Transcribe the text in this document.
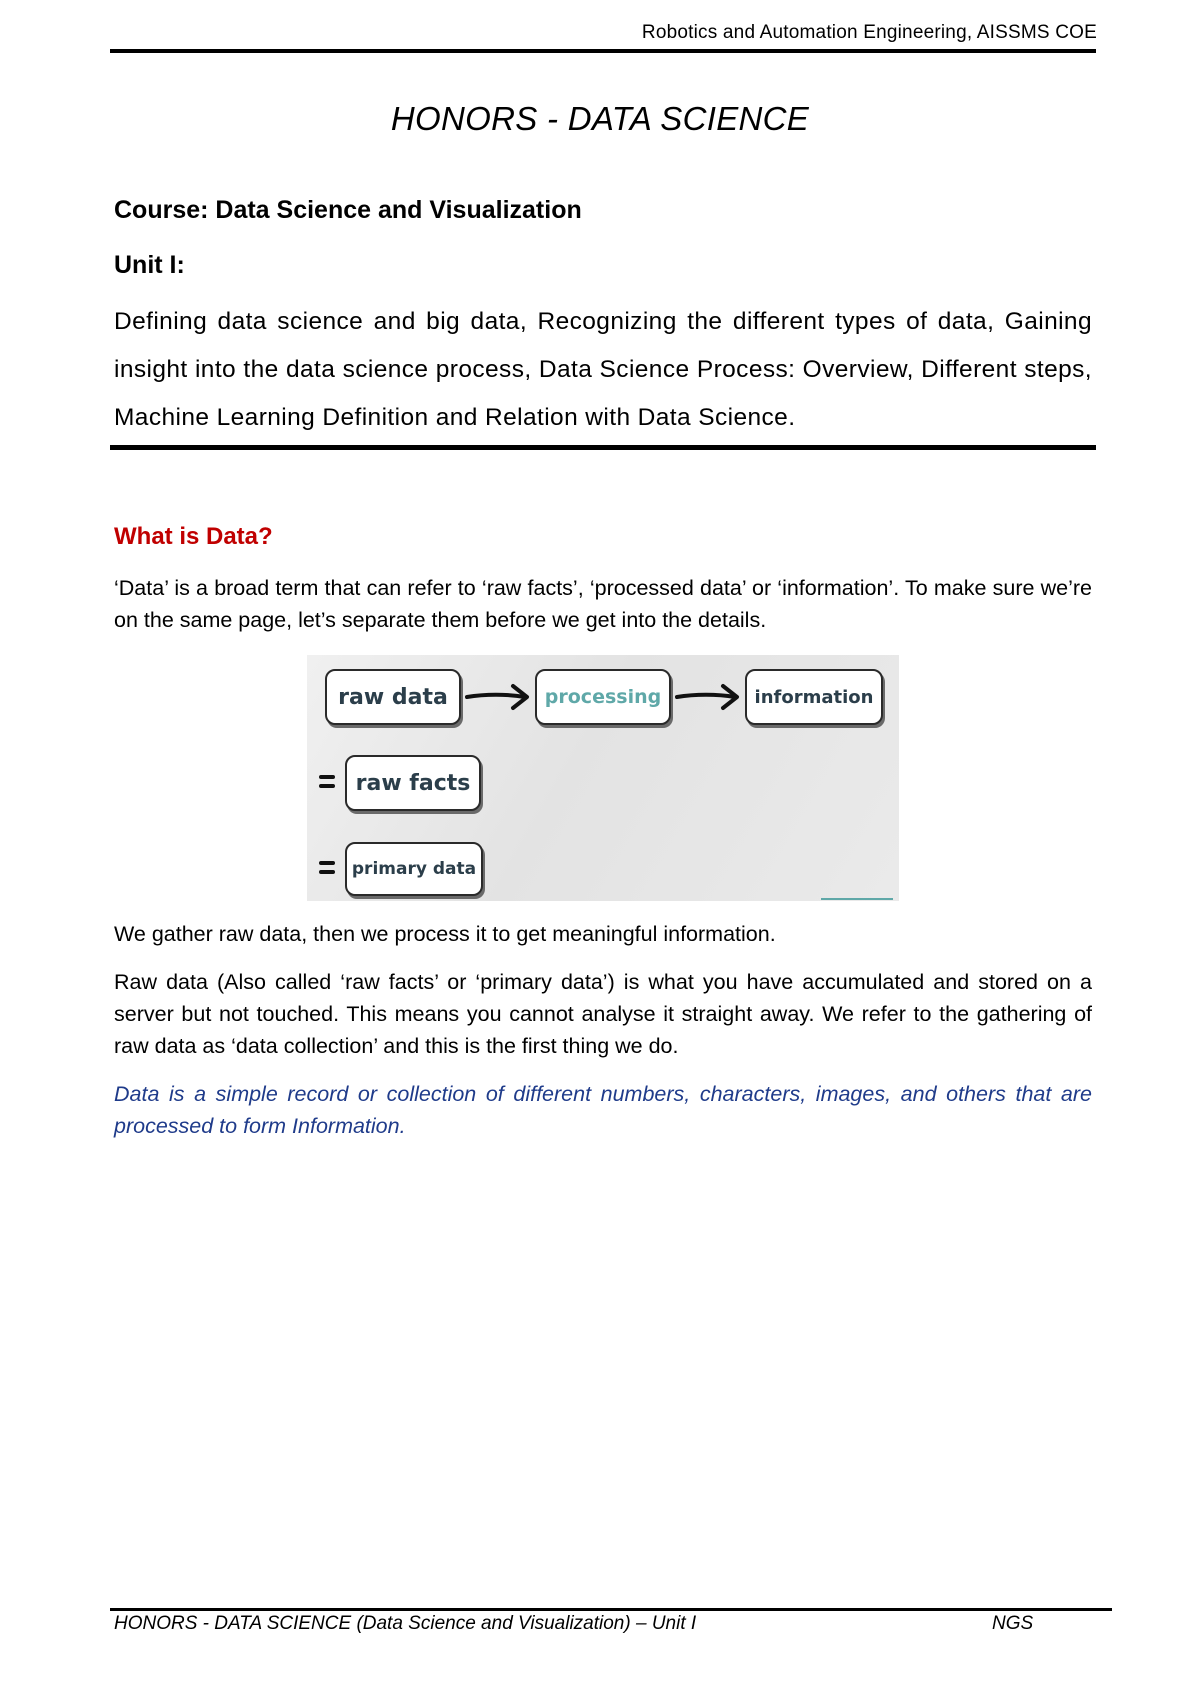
Robotics and Automation Engineering, AISSMS COE
HONORS - DATA SCIENCE
Course: Data Science and Visualization
Unit I:
Defining data science and big data, Recognizing the different types of data, Gaining insight into the data science process, Data Science Process: Overview, Different steps, Machine Learning Definition and Relation with Data Science.
What is Data?
‘Data’ is a broad term that can refer to ‘raw facts’, ‘processed data’ or ‘information’. To make sure we’re on the same page, let’s separate them before we get into the details.
raw data	processing	information
raw facts
primary data
We gather raw data, then we process it to get meaningful information.
Raw data (Also called ‘raw facts’ or ‘primary data’) is what you have accumulated and stored on a server but not touched. This means you cannot analyse it straight away. We refer to the gathering of raw data as ‘data collection’ and this is the first thing we do.
Data is a simple record or collection of different numbers, characters, images, and others that are processed to form Information.
HONORS - DATA SCIENCE (Data Science and Visualization) – Unit I	NGS
